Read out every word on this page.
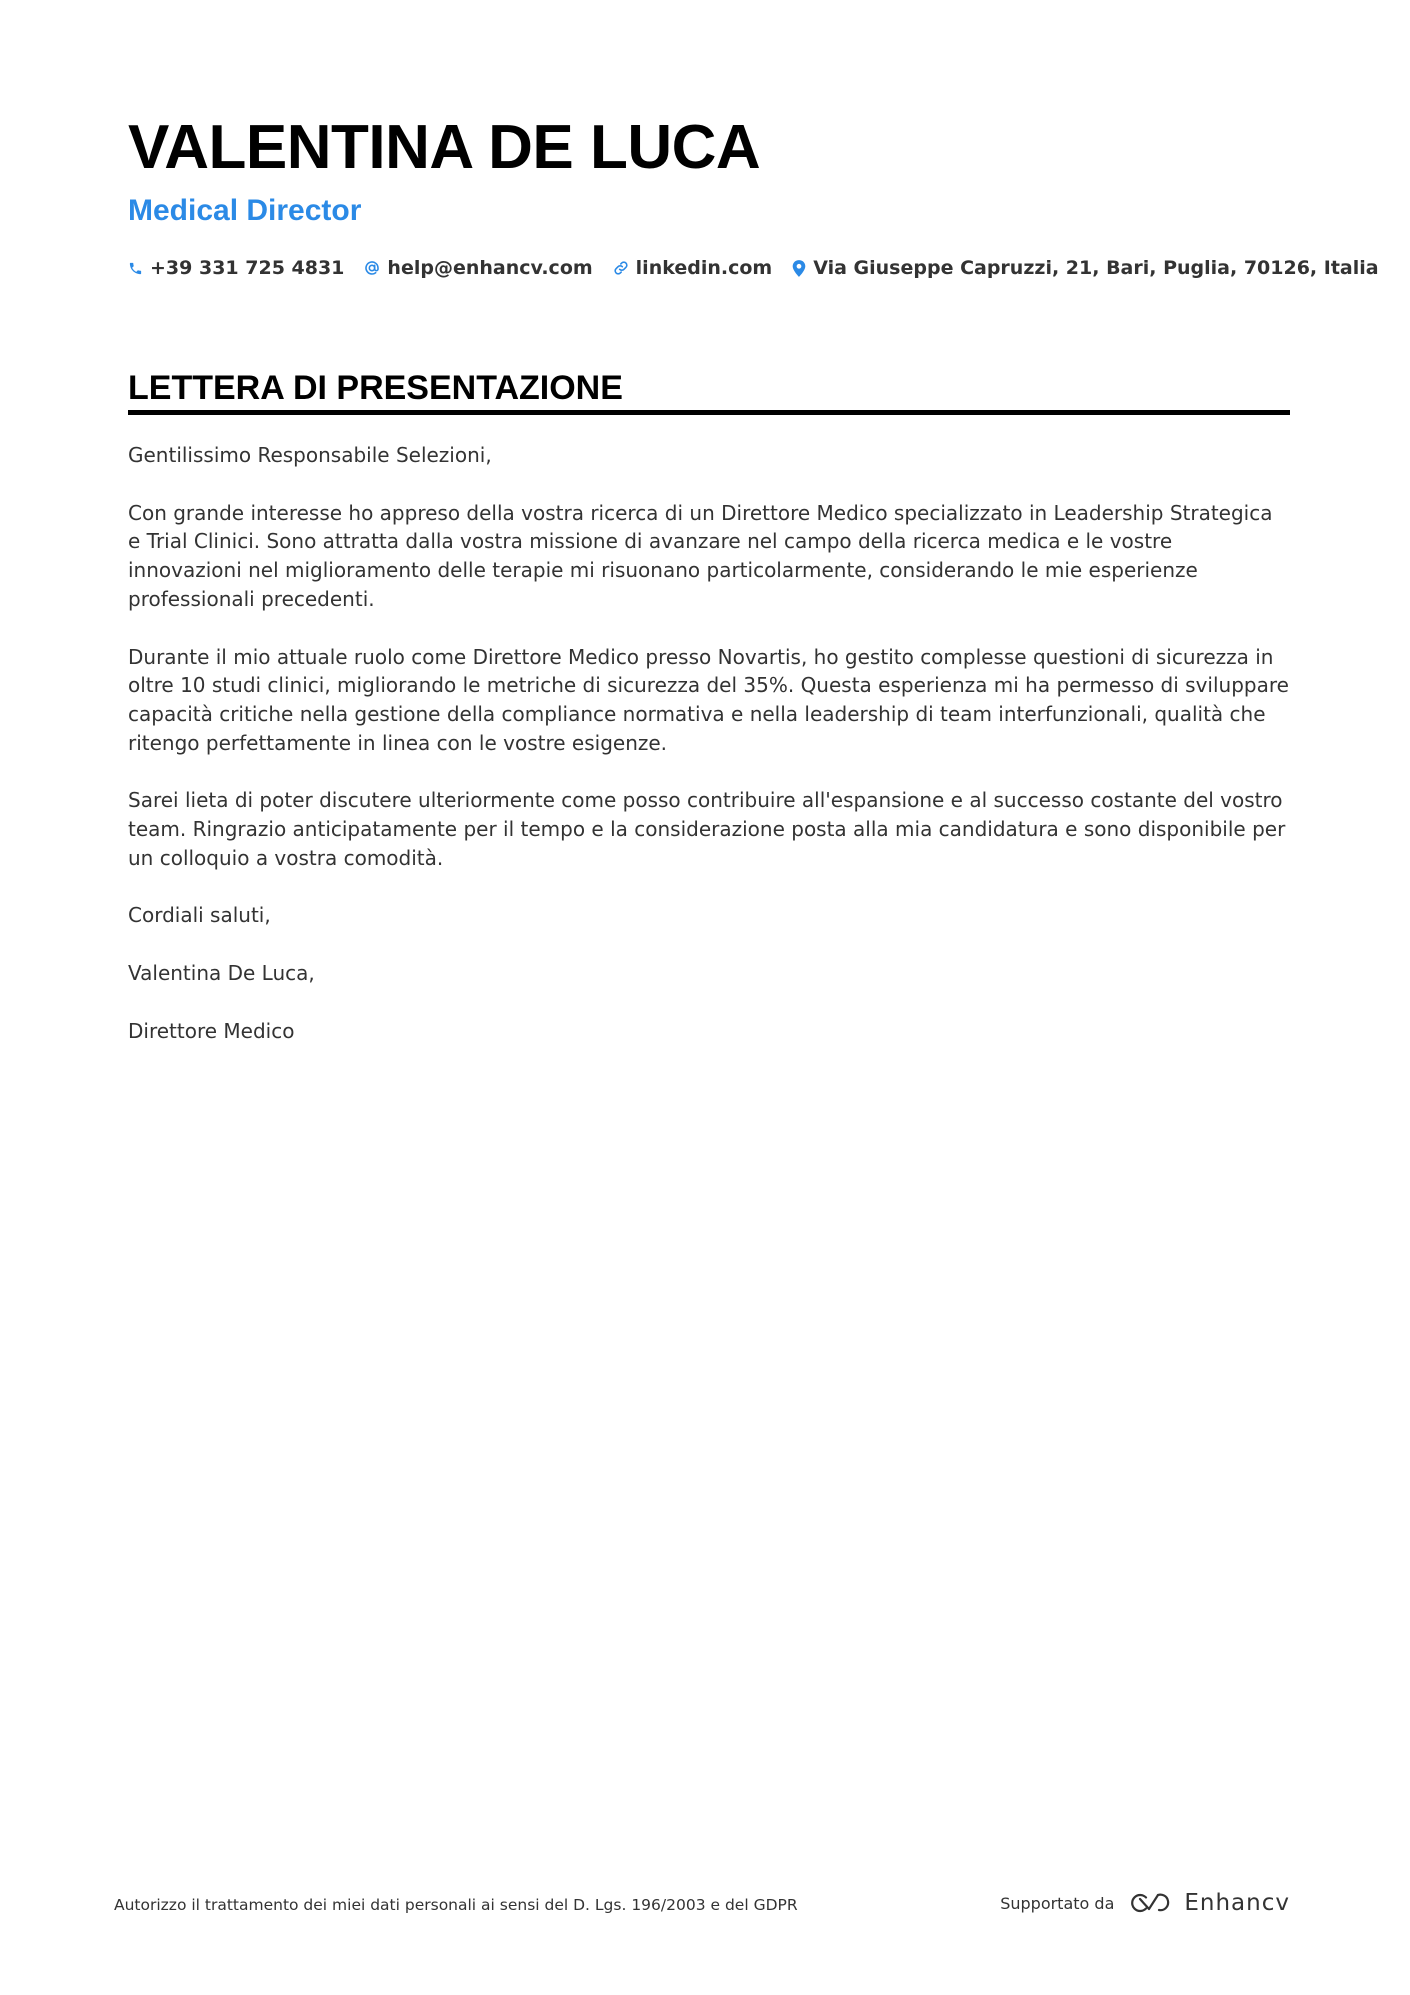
VALENTINA DE LUCA
Medical Director
+39 331 725 4831 help@enhancv.com linkedin.com Via Giuseppe Capruzzi, 21, Bari, Puglia, 70126, Italia
LETTERA DI PRESENTAZIONE

Gentilissimo Responsabile Selezioni,

Con grande interesse ho appreso della vostra ricerca di un Direttore Medico specializzato in Leadership Strategica e Trial Clinici. Sono attratta dalla vostra missione di avanzare nel campo della ricerca medica e le vostre innovazioni nel miglioramento delle terapie mi risuonano particolarmente, considerando le mie esperienze professionali precedenti.

Durante il mio attuale ruolo come Direttore Medico presso Novartis, ho gestito complesse questioni di sicurezza in oltre 10 studi clinici, migliorando le metriche di sicurezza del 35%. Questa esperienza mi ha permesso di sviluppare capacità critiche nella gestione della compliance normativa e nella leadership di team interfunzionali, qualità che ritengo perfettamente in linea con le vostre esigenze.

Sarei lieta di poter discutere ulteriormente come posso contribuire all'espansione e al successo costante del vostro team. Ringrazio anticipatamente per il tempo e la considerazione posta alla mia candidatura e sono disponibile per un colloquio a vostra comodità.

Cordiali saluti,

Valentina De Luca,

Direttore Medico

Autorizzo il trattamento dei miei dati personali ai sensi del D. Lgs. 196/2003 e del GDPR	Supportato da	Enhancv
